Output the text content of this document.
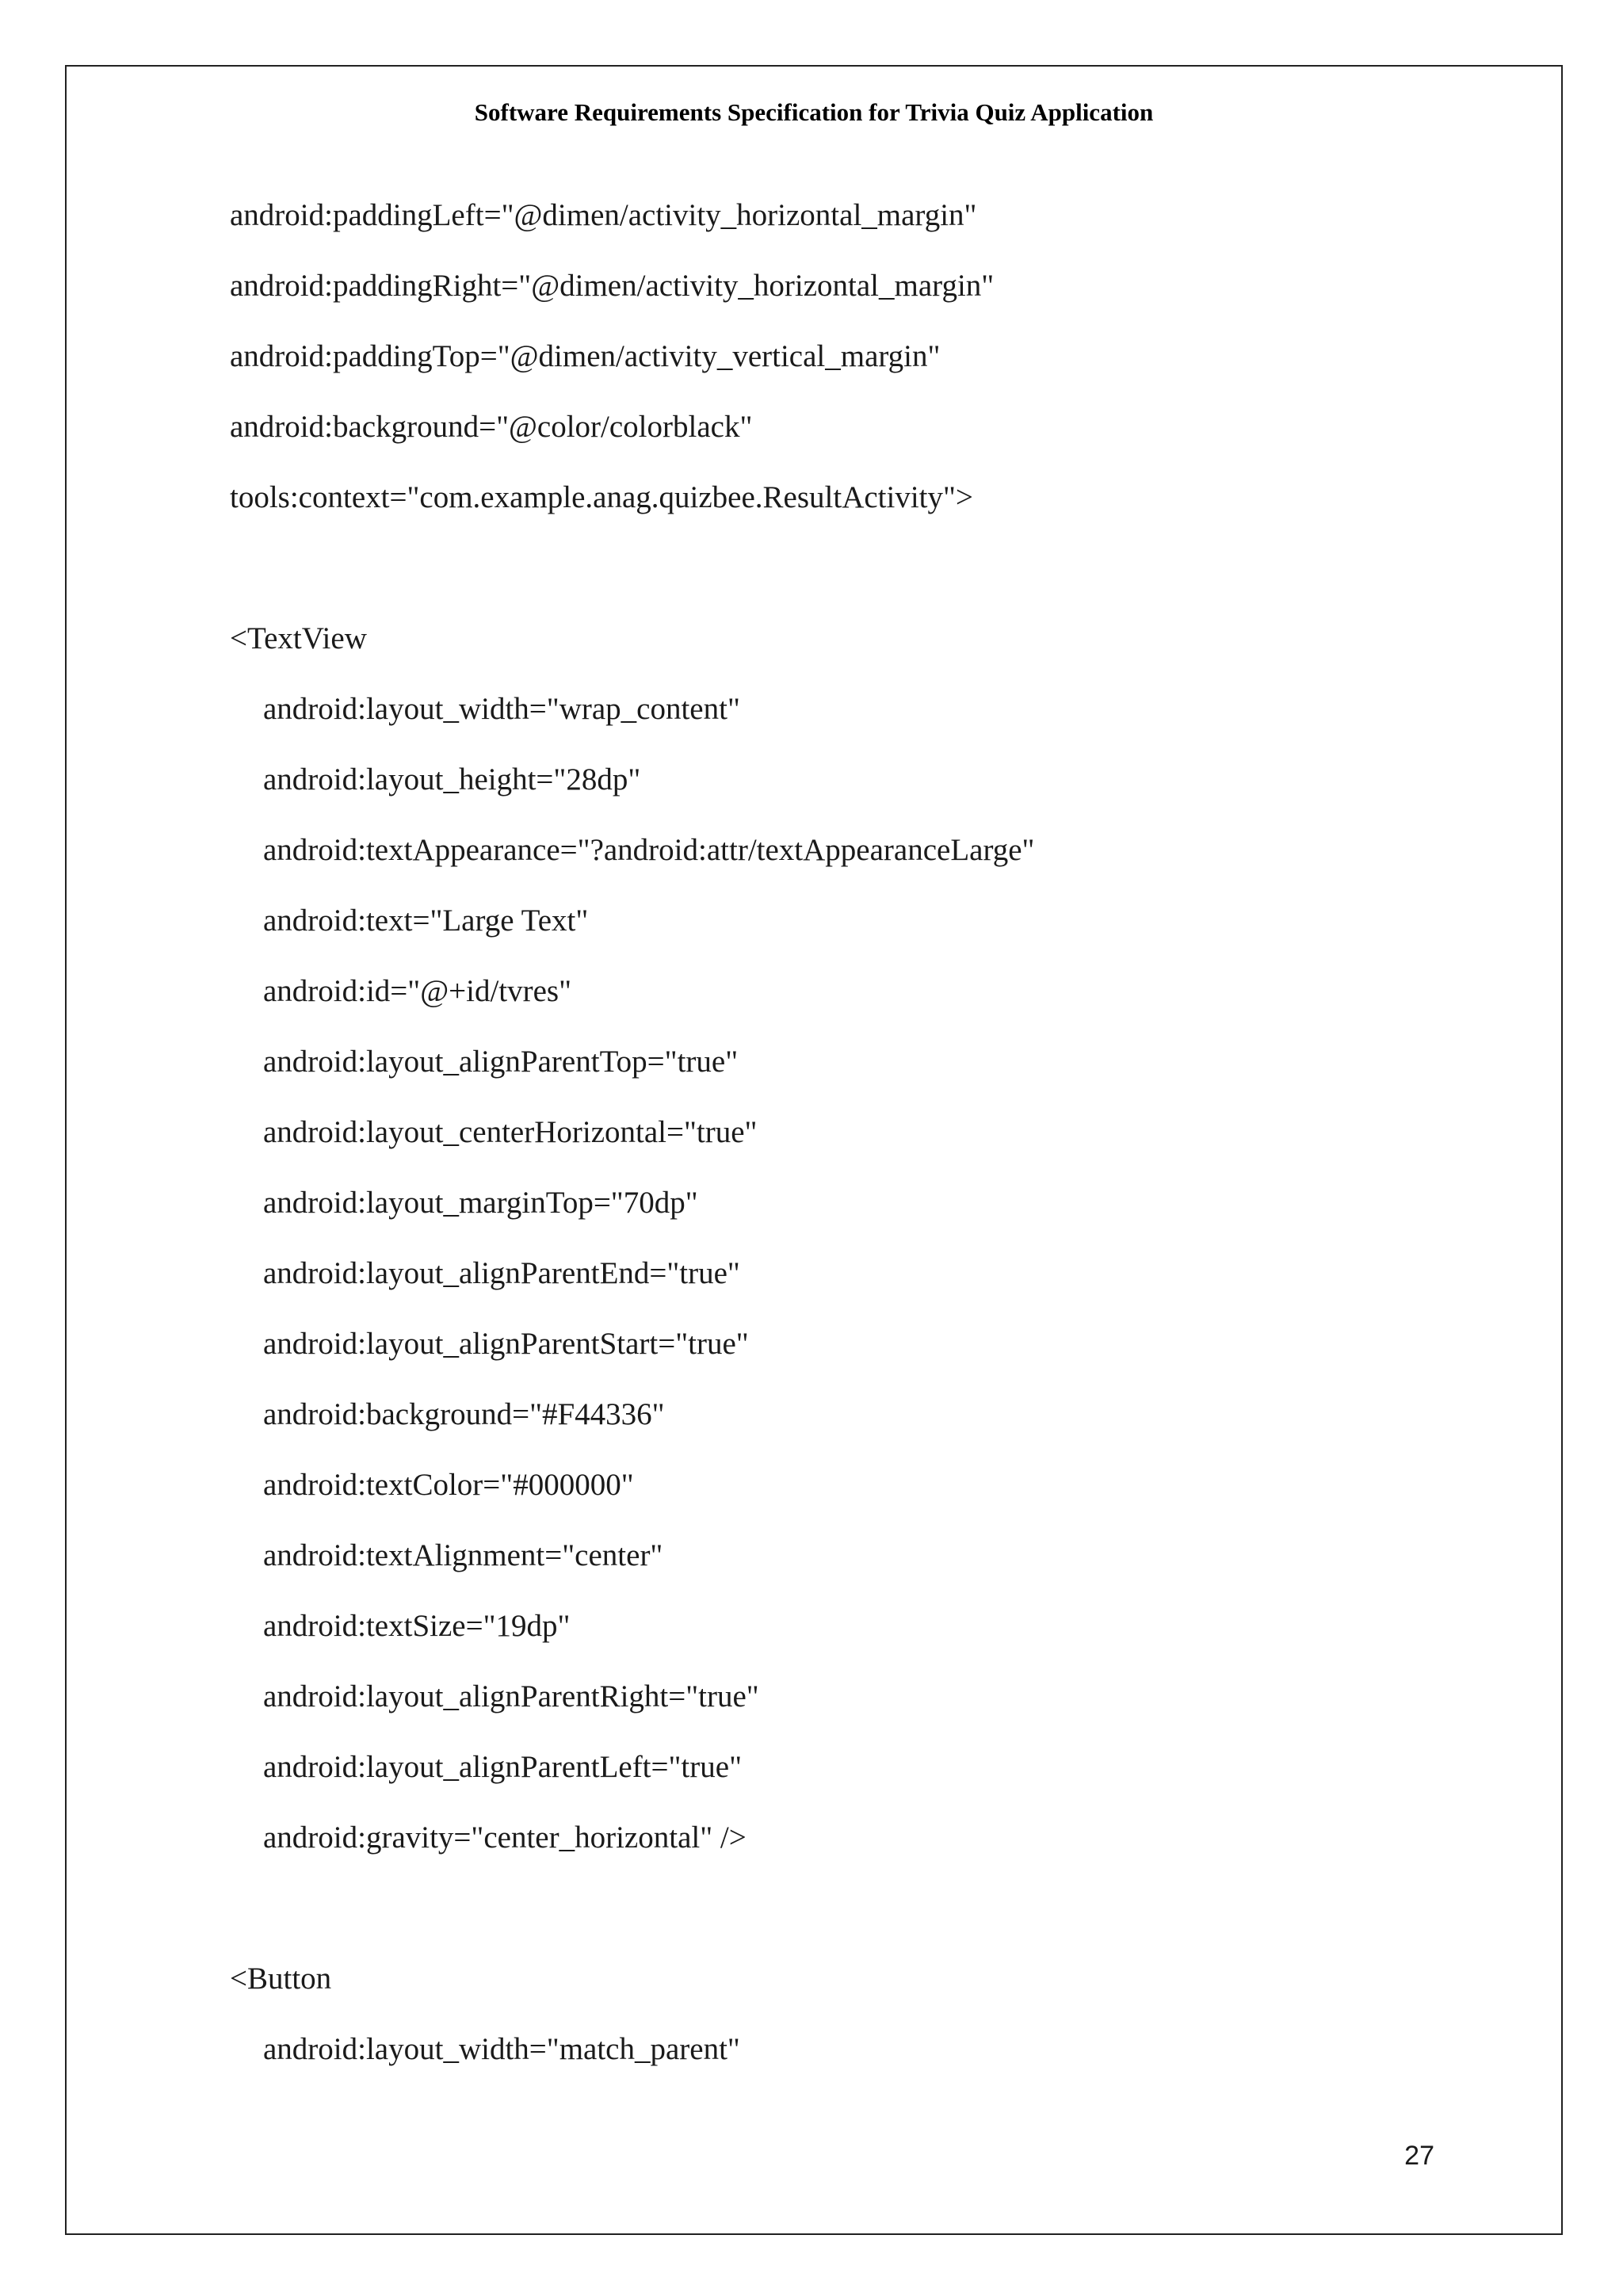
Software Requirements Specification for Trivia Quiz Application
android:paddingLeft="@dimen/activity_horizontal_margin"
android:paddingRight="@dimen/activity_horizontal_margin"
android:paddingTop="@dimen/activity_vertical_margin"
android:background="@color/colorblack"
tools:context="com.example.anag.quizbee.ResultActivity">
<TextView
android:layout_width="wrap_content"
android:layout_height="28dp"
android:textAppearance="?android:attr/textAppearanceLarge"
android:text="Large Text"
android:id="@+id/tvres"
android:layout_alignParentTop="true"
android:layout_centerHorizontal="true"
android:layout_marginTop="70dp"
android:layout_alignParentEnd="true"
android:layout_alignParentStart="true"
android:background="#F44336"
android:textColor="#000000"
android:textAlignment="center"
android:textSize="19dp"
android:layout_alignParentRight="true"
android:layout_alignParentLeft="true"
android:gravity="center_horizontal" />
<Button
android:layout_width="match_parent"
27
